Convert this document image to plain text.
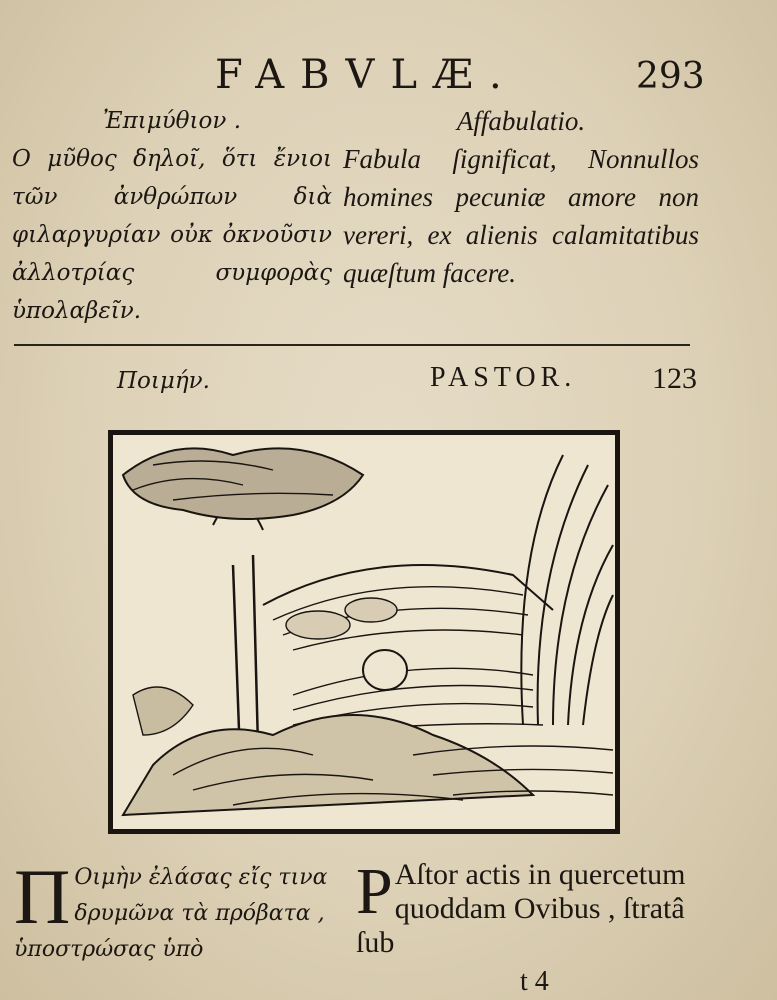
FABVLÆ.	293
Ἐπιμύθιον .
Ο μῦθος δηλοῖ, ὅτι ἔνιοι τῶν ἀνθρώπων διὰ φιλαργυρίαν οὐκ ὀκνοῦσιν ἀλλοτρίας συμφορὰς ὑπολαβεῖν.
Affabulatio.
Fabula ſignificat, Nonnullos homines pecuniæ amore non vereri, ex alienis calamitatibus quæſtum facere.
Ποιμήν.	PASTOR.	123
Π Οιμὴν ἐλάσας εἴς τινα δρυμῶνα τὰ πρόβατα , ὑποστρώσας ὑπὸ
P Aſtor actis in quercetum quoddam Ovibus , ſtratâ ſub
t 4
